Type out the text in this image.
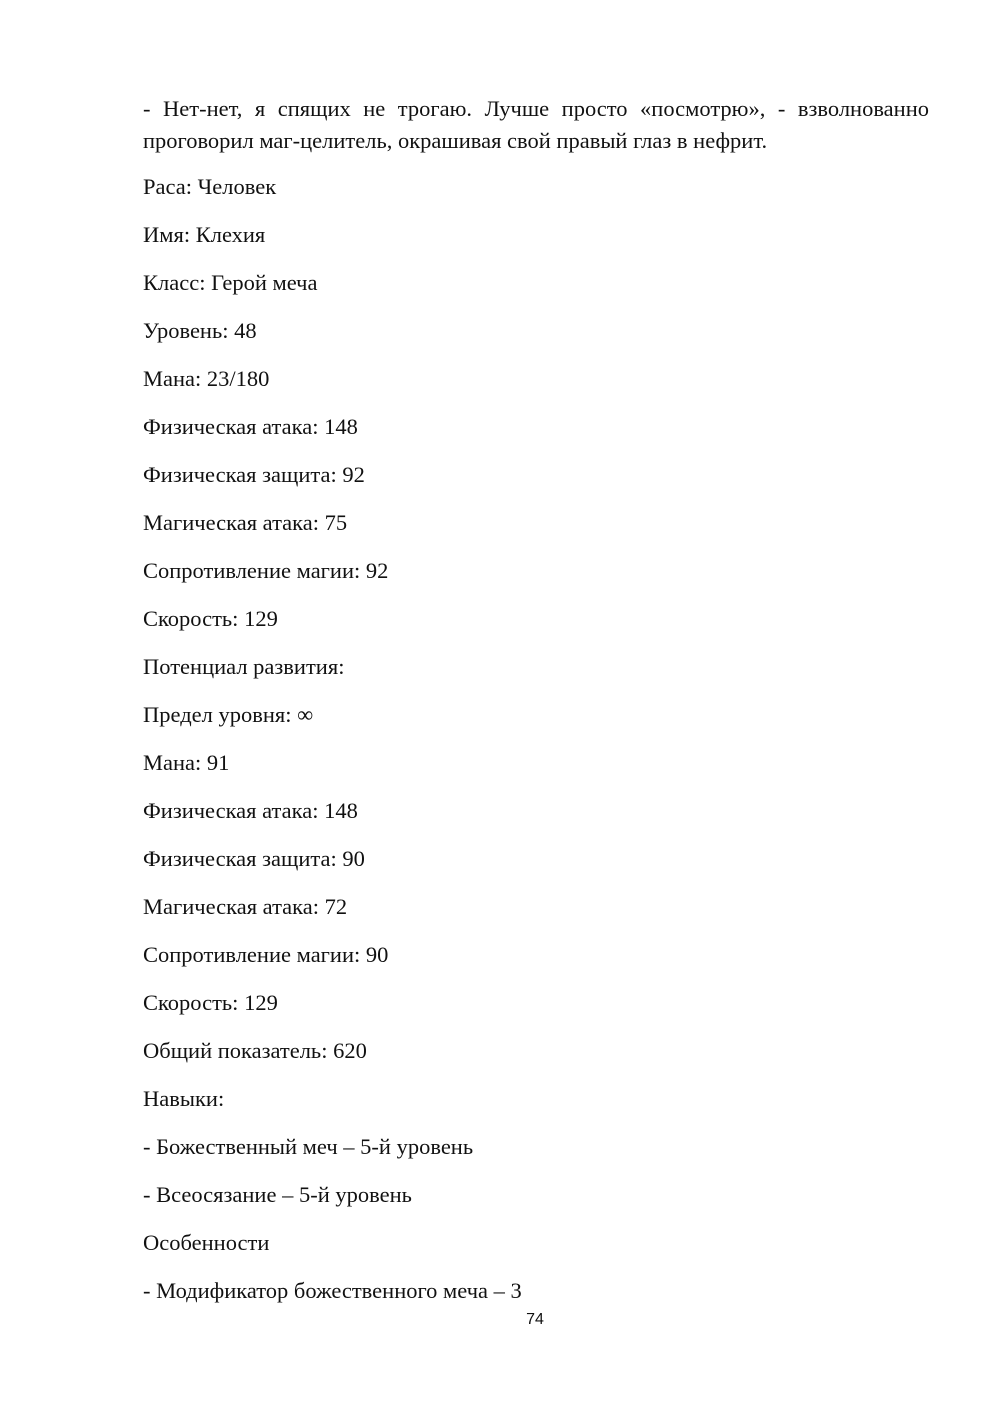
- Нет-нет, я спящих не трогаю. Лучше просто «посмотрю», - взволнованно проговорил маг-целитель, окрашивая свой правый глаз в нефрит.

Раса: Человек
Имя: Клехия
Класс: Герой меча
Уровень: 48
Мана: 23/180
Физическая атака: 148
Физическая защита: 92
Магическая атака: 75
Сопротивление магии: 92
Скорость: 129
Потенциал развития:
Предел уровня: ∞
Мана: 91
Физическая атака: 148
Физическая защита: 90
Магическая атака: 72
Сопротивление магии: 90
Скорость: 129
Общий показатель: 620
Навыки:
- Божественный меч – 5-й уровень
- Всеосязание – 5-й уровень
Особенности
- Модификатор божественного меча – 3
74
